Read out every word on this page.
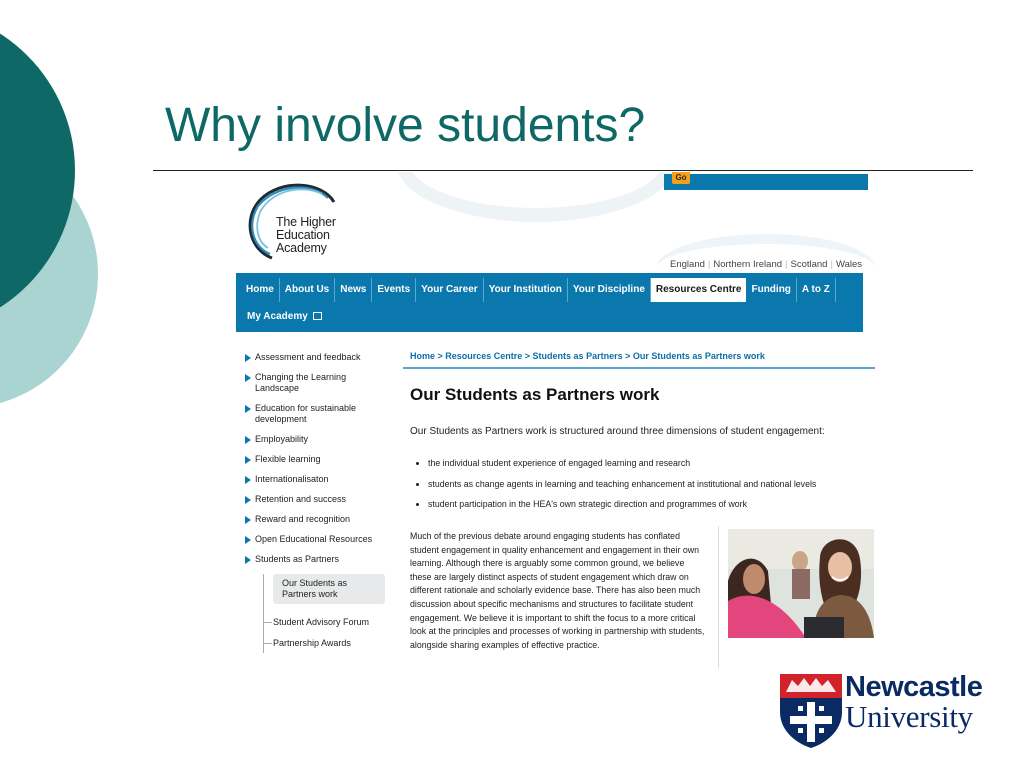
Why involve students?
Go
The Higher
Education
Academy
England | Northern Ireland | Scotland | Wales
Home	About Us	News	Events	Your Career	Your Institution	Your Discipline	Resources Centre	Funding	A to Z
My Academy
Assessment and feedback
Changing the Learning Landscape
Education for sustainable development
Employability
Flexible learning
Internationalisaton
Retention and success
Reward and recognition
Open Educational Resources
Students as Partners
Our Students as Partners work
Student Advisory Forum
Partnership Awards
Home > Resources Centre > Students as Partners > Our Students as Partners work
Our Students as Partners work

Our Students as Partners work is structured around three dimensions of student engagement:

the individual student experience of engaged learning and research
students as change agents in learning and teaching enhancement at institutional and national levels
student participation in the HEA's own strategic direction and programmes of work

Much of the previous debate around engaging students has conflated student engagement in quality enhancement and engagement in their own learning. Although there is arguably some common ground, we believe these are largely distinct aspects of student engagement which draw on different rationale and scholarly evidence base. There has also been much discussion about specific mechanisms and structures to facilitate student engagement. We believe it is important to shift the focus to a more critical look at the principles and processes of working in partnership with students, alongside sharing examples of effective practice.

Newcastle
University
